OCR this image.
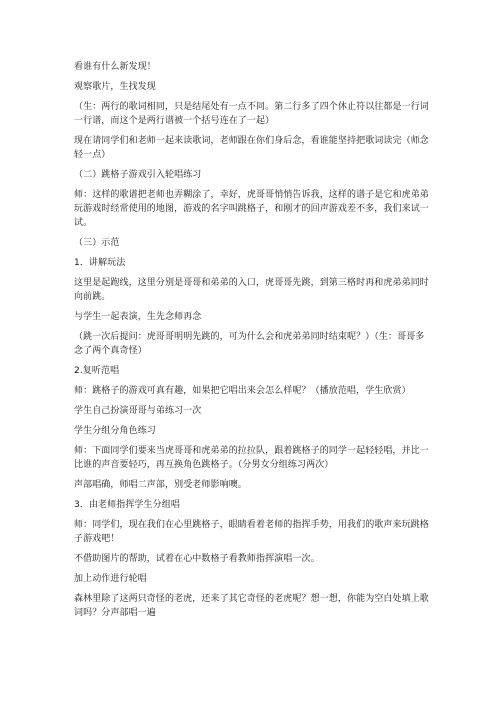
看谁有什么新发现！

观察歌片，生找发现

（生：两行的歌词相同，只是结尾处有一点不同。第二行多了四个休止符以往都是一行词一行谱，而这个是两行谱被一个括号连在了一起）

现在请同学们和老师一起来读歌词，老师跟在你们身后念，看谁能坚持把歌词读完（师念轻一点）

（二）跳格子游戏引入轮唱练习

师：这样的歌谱把老师也弄糊涂了，幸好，虎哥哥悄悄告诉我，这样的谱子是它和虎弟弟玩游戏时经常使用的地图，游戏的名字叫跳格子，和刚才的回声游戏差不多，我们来试一试。

（三）示范

1．讲解玩法

这里是起跑线，这里分别是哥哥和弟弟的入口，虎哥哥先跳，到第三格时再和虎弟弟同时向前跳。

与学生一起表演，生先念师再念

（跳一次后提问：虎哥哥明明先跳的，可为什么会和虎弟弟同时结束呢？）（生：哥哥多念了两个真奇怪）

2.复听范唱

师：跳格子的游戏可真有趣，如果把它唱出来会怎么样呢？（播放范唱，学生欣赏）

学生自己扮演哥哥与弟练习一次

学生分组分角色练习

师：下面同学们要来当虎哥哥和虎弟弟的拉拉队，跟着跳格子的同学一起轻轻唱，并比一比谁的声音要轻巧，再互换角色跳格子。（分男女分组练习两次）

声部唱确，师唱二声部，别受老师影响噢。

3．由老师指挥学生分组唱

师：同学们，现在我们在心里跳格子，眼睛看着老师的指挥手势，用我们的歌声来玩跳格子游戏吧！

不借助图片的帮助，试着在心中数格子看教师指挥演唱一次。

加上动作进行轮唱

森林里除了这两只奇怪的老虎，还来了其它奇怪的老虎呢？想一想，你能为空白处填上歌词吗？分声部唱一遍
